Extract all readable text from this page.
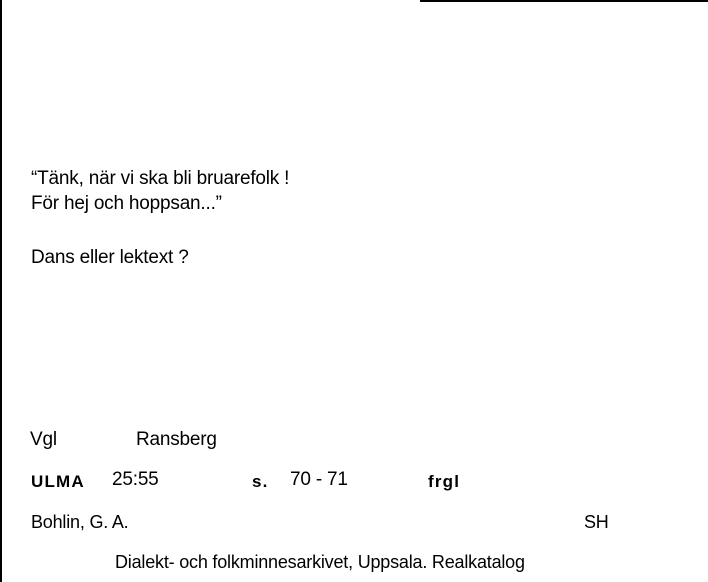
“Tänk, när vi ska bli bruarefolk !
För hej och hoppsan...”
Dans eller lektext ?
Vgl	Ransberg
ULMA 25:55	s. 70 - 71	frgl
Bohlin, G. A.	SH
Dialekt- och folkminnesarkivet, Uppsala. Realkatalog
